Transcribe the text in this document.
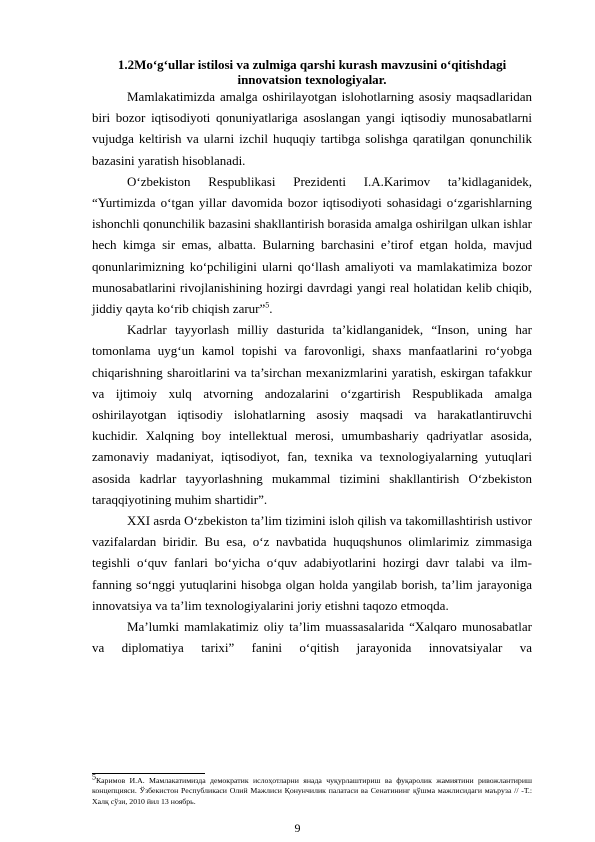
1.2Mo‘g‘ullar istilosi va zulmiga qarshi kurash mavzusini o‘qitishdagi innovatsion texnologiyalar.

Mamlakatimizda amalga oshirilayotgan islohotlarning asosiy maqsadlaridan biri bozor iqtisodiyoti qonuniyatlariga asoslangan yangi iqtisodiy munosabatlarni vujudga keltirish va ularni izchil huquqiy tartibga solishga qaratilgan qonunchilik bazasini yaratish hisoblanadi.

O‘zbekiston Respublikasi Prezidenti I.A.Karimov ta’kidlaganidek, “Yurtimizda o‘tgan yillar davomida bozor iqtisodiyoti sohasidagi o‘zgarishlarning ishonchli qonunchilik bazasini shakllantirish borasida amalga oshirilgan ulkan ishlar hech kimga sir emas, albatta. Bularning barchasini e’tirof etgan holda, mavjud qonunlarimizning ko‘pchiligini ularni qo‘llash amaliyoti va mamlakatimiza bozor munosabatlarini rivojlanishining hozirgi davrdagi yangi real holatidan kelib chiqib, jiddiy qayta ko‘rib chiqish zarur”$^5$.

Kadrlar tayyorlash milliy dasturida ta’kidlanganidek, “Inson, uning har tomonlama uyg‘un kamol topishi va farovonligi, shaxs manfaatlarini ro‘yobga chiqarishning sharoitlarini va ta’sirchan mexanizmlarini yaratish, eskirgan tafakkur va ijtimoiy xulq atvorning andozalarini o‘zgartirish Respublikada amalga oshirilayotgan iqtisodiy islohatlarning asosiy maqsadi va harakatlantiruvchi kuchidir. Xalqning boy intellektual merosi, umumbashariy qadriyatlar asosida, zamonaviy madaniyat, iqtisodiyot, fan, texnika va texnologiyalarning yutuqlari asosida kadrlar tayyorlashning mukammal tizimini shakllantirish O‘zbekiston taraqqiyotining muhim shartidir”.

XXI asrda O‘zbekiston ta’lim tizimini isloh qilish va takomillashtirish ustivor vazifalardan biridir. Bu esa, o‘z navbatida huquqshunos olimlarimiz zimmasiga tegishli o‘quv fanlari bo‘yicha o‘quv adabiyotlarini hozirgi davr talabi va ilm-fanning so‘nggi yutuqlarini hisobga olgan holda yangilab borish, ta’lim jarayoniga innovatsiya va ta’lim texnologiyalarini joriy etishni taqozo etmoqda.

Ma’lumki mamlakatimiz oliy ta’lim muassasalarida “Xalqaro munosabatlar va diplomatiya tarixi” fanini o‘qitish jarayonida innovatsiyalar va

$^5$Каримов И.А. Мамлакатимизда демократик ислоҳотларни янада чуқурлаштириш ва фуқаролик жамиятини ривожлантириш концепцияси. Ўзбекистон Республикаси Олий Мажлиси Қонунчилик палатаси ва Сенатининг қўшма мажлисидаги маъруза // -Т.: Халқ сўзи, 2010 йил 13 ноябрь.

9
